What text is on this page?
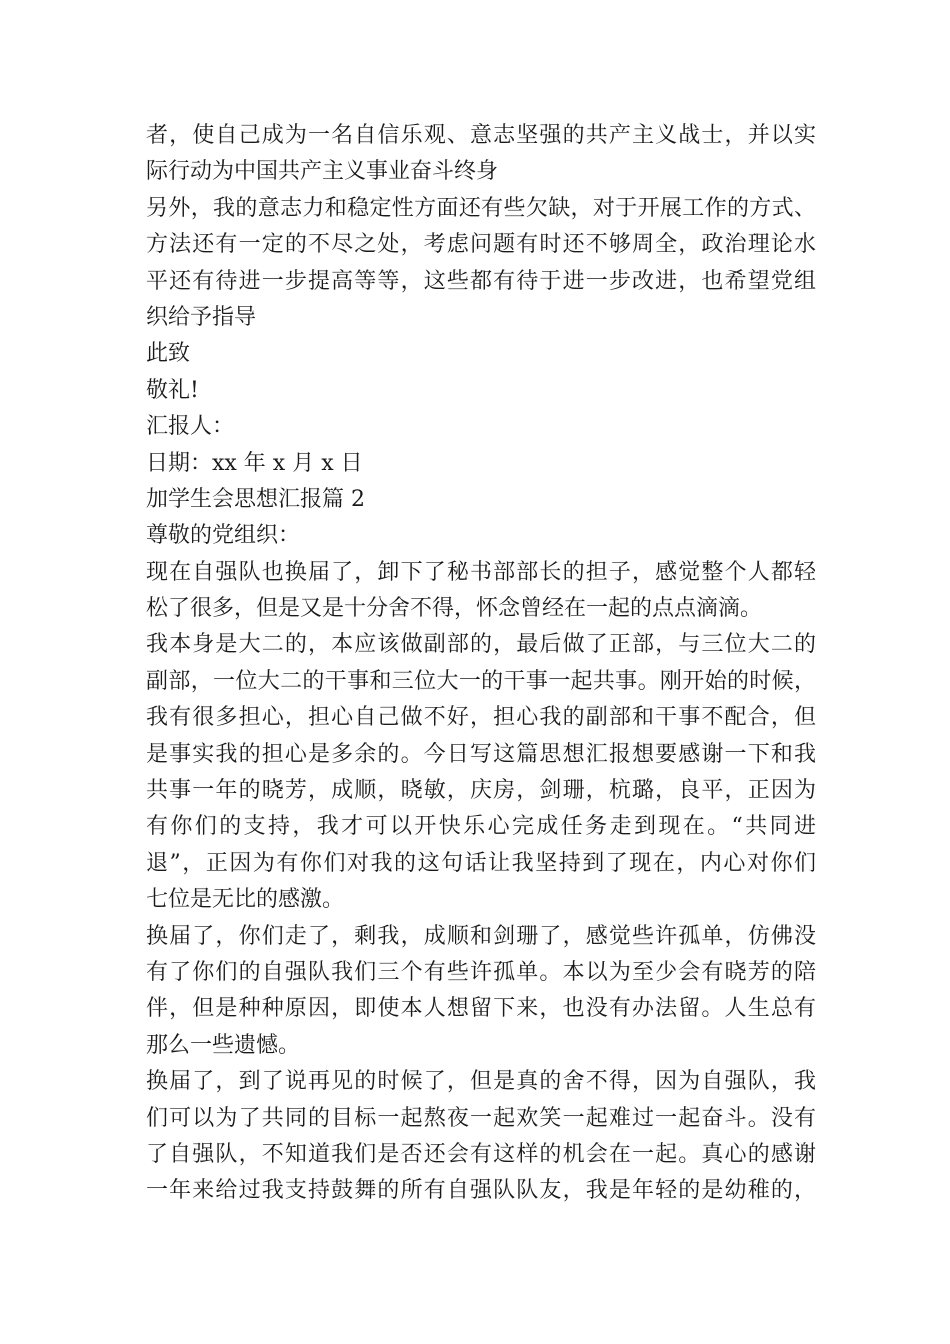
者，使自己成为一名自信乐观、意志坚强的共产主义战士，并以实
际行动为中国共产主义事业奋斗终身
另外，我的意志力和稳定性方面还有些欠缺，对于开展工作的方式、
方法还有一定的不尽之处，考虑问题有时还不够周全，政治理论水
平还有待进一步提高等等，这些都有待于进一步改进，也希望党组
织给予指导
此致
敬礼!
汇报人：
日期：xx 年 x 月 x 日
加学生会思想汇报篇 2
尊敬的党组织：
现在自强队也换届了，卸下了秘书部部长的担子，感觉整个人都轻
松了很多，但是又是十分舍不得，怀念曾经在一起的点点滴滴。
我本身是大二的，本应该做副部的，最后做了正部，与三位大二的
副部，一位大二的干事和三位大一的干事一起共事。刚开始的时候，
我有很多担心，担心自己做不好，担心我的副部和干事不配合，但
是事实我的担心是多余的。今日写这篇思想汇报想要感谢一下和我
共事一年的晓芳，成顺，晓敏，庆房，剑珊，杭璐，良平，正因为
有你们的支持，我才可以开快乐心完成任务走到现在。“共同进
退”，正因为有你们对我的这句话让我坚持到了现在，内心对你们
七位是无比的感激。
换届了，你们走了，剩我，成顺和剑珊了，感觉些许孤单，仿佛没
有了你们的自强队我们三个有些许孤单。本以为至少会有晓芳的陪
伴，但是种种原因，即使本人想留下来，也没有办法留。人生总有
那么一些遗憾。
换届了，到了说再见的时候了，但是真的舍不得，因为自强队，我
们可以为了共同的目标一起熬夜一起欢笑一起难过一起奋斗。没有
了自强队，不知道我们是否还会有这样的机会在一起。真心的感谢
一年来给过我支持鼓舞的所有自强队队友，我是年轻的是幼稚的，
